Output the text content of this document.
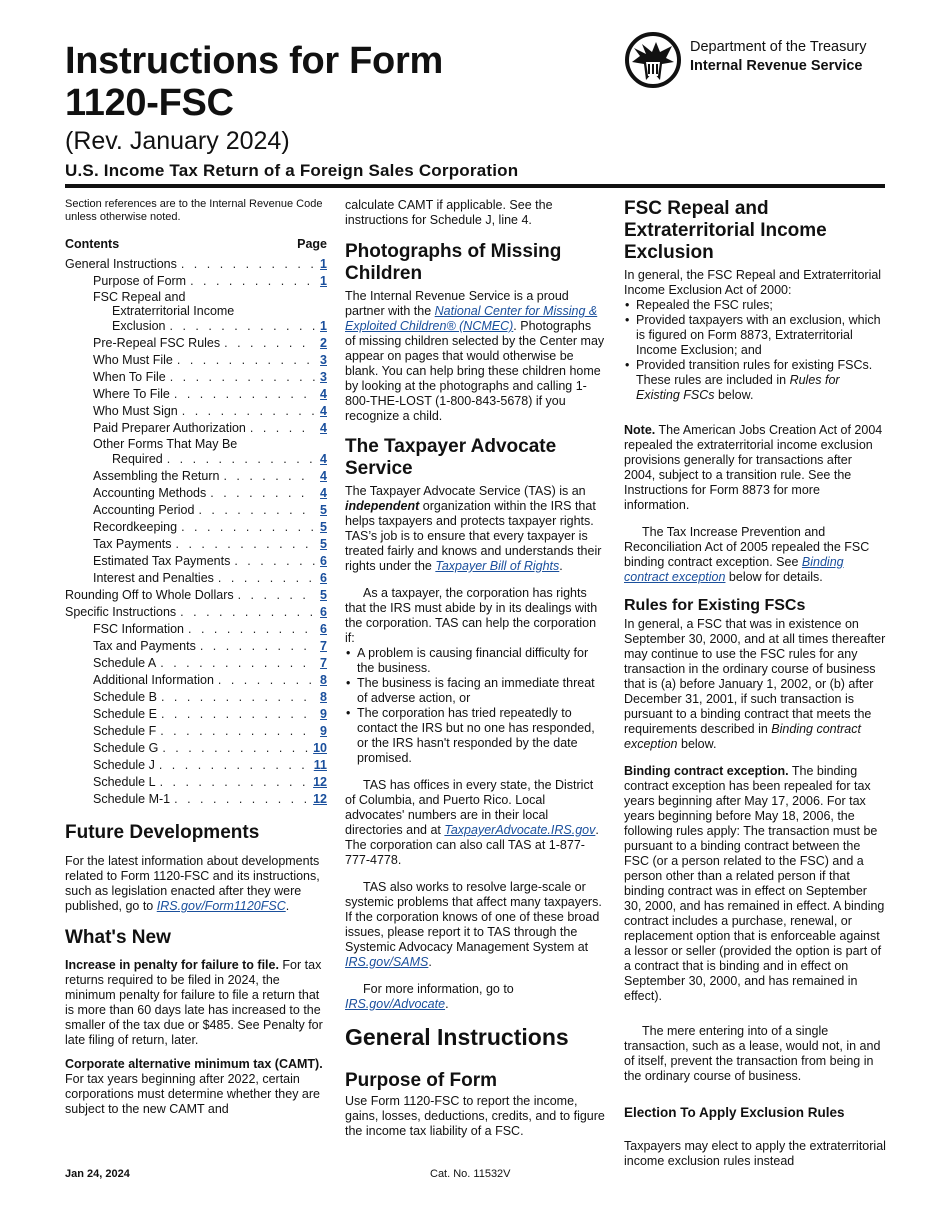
Instructions for Form
1120-FSC
(Rev. January 2024)
U.S. Income Tax Return of a Foreign Sales Corporation
Department of the Treasury
Internal Revenue Service

Section references are to the Internal Revenue Code unless otherwise noted.

Contents	Page
General Instructions . . .	1
Purpose of Form . . .	1
FSC Repeal and
Extraterritorial Income
Exclusion . . .	1
Pre-Repeal FSC Rules . . .	2
Who Must File . . .	3
When To File . . .	3
Where To File . . .	4
Who Must Sign . . .	4
Paid Preparer Authorization . . .	4
Other Forms That May Be
Required . . .	4
Assembling the Return . . .	4
Accounting Methods . . .	4
Accounting Period . . .	5
Recordkeeping . . .	5
Tax Payments . . .	5
Estimated Tax Payments . . .	6
Interest and Penalties . . .	6
Rounding Off to Whole Dollars . . .	5
Specific Instructions . . .	6
FSC Information . . .	6
Tax and Payments . . .	7
Schedule A . . .	7
Additional Information . . .	8
Schedule B . . .	8
Schedule E . . .	9
Schedule F . . .	9
Schedule G . . .	10
Schedule J . . .	11
Schedule L . . .	12
Schedule M-1 . . .	12
Future Developments

For the latest information about developments related to Form 1120-FSC and its instructions, such as legislation enacted after they were published, go to IRS.gov/Form1120FSC.

What's New

Increase in penalty for failure to file. For tax returns required to be filed in 2024, the minimum penalty for failure to file a return that is more than 60 days late has increased to the smaller of the tax due or $485. See Penalty for late filing of return, later.

Corporate alternative minimum tax (CAMT). For tax years beginning after 2022, certain corporations must determine whether they are subject to the new CAMT and

calculate CAMT if applicable. See the instructions for Schedule J, line 4.

Photographs of Missing Children

The Internal Revenue Service is a proud partner with the National Center for Missing & Exploited Children® (NCMEC). Photographs of missing children selected by the Center may appear on pages that would otherwise be blank. You can help bring these children home by looking at the photographs and calling 1-800-THE-LOST (1-800-843-5678) if you recognize a child.

The Taxpayer Advocate Service

The Taxpayer Advocate Service (TAS) is an independent organization within the IRS that helps taxpayers and protects taxpayer rights. TAS’s job is to ensure that every taxpayer is treated fairly and knows and understands their rights under the Taxpayer Bill of Rights.

As a taxpayer, the corporation has rights that the IRS must abide by in its dealings with the corporation. TAS can help the corporation if:

• A problem is causing financial difficulty for the business.
• The business is facing an immediate threat of adverse action, or
• The corporation has tried repeatedly to contact the IRS but no one has responded, or the IRS hasn't responded by the date promised.

TAS has offices in every state, the District of Columbia, and Puerto Rico. Local advocates' numbers are in their local directories and at TaxpayerAdvocate.IRS.gov. The corporation can also call TAS at 1-877-777-4778.

TAS also works to resolve large-scale or systemic problems that affect many taxpayers. If the corporation knows of one of these broad issues, please report it to TAS through the Systemic Advocacy Management System at IRS.gov/SAMS.

For more information, go to IRS.gov/Advocate.

General Instructions
Purpose of Form

Use Form 1120-FSC to report the income, gains, losses, deductions, credits, and to figure the income tax liability of a FSC.

FSC Repeal and Extraterritorial Income Exclusion

In general, the FSC Repeal and Extraterritorial Income Exclusion Act of 2000:

• Repealed the FSC rules;
• Provided taxpayers with an exclusion, which is figured on Form 8873, Extraterritorial Income Exclusion; and
• Provided transition rules for existing FSCs. These rules are included in Rules for Existing FSCs below.

Note. The American Jobs Creation Act of 2004 repealed the extraterritorial income exclusion provisions generally for transactions after 2004, subject to a transition rule. See the Instructions for Form 8873 for more information.

The Tax Increase Prevention and Reconciliation Act of 2005 repealed the FSC binding contract exception. See Binding contract exception below for details.

Rules for Existing FSCs

In general, a FSC that was in existence on September 30, 2000, and at all times thereafter may continue to use the FSC rules for any transaction in the ordinary course of business that is (a) before January 1, 2002, or (b) after December 31, 2001, if such transaction is pursuant to a binding contract that meets the requirements described in Binding contract exception below.

Binding contract exception. The binding contract exception has been repealed for tax years beginning after May 17, 2006. For tax years beginning before May 18, 2006, the following rules apply: The transaction must be pursuant to a binding contract between the FSC (or a person related to the FSC) and a person other than a related person if that binding contract was in effect on September 30, 2000, and has remained in effect. A binding contract includes a purchase, renewal, or replacement option that is enforceable against a lessor or seller (provided the option is part of a contract that is binding and in effect on September 30, 2000, and has remained in effect).

The mere entering into of a single transaction, such as a lease, would not, in and of itself, prevent the transaction from being in the ordinary course of business.

Election To Apply Exclusion Rules

Taxpayers may elect to apply the extraterritorial income exclusion rules instead

Jan 24, 2024	Cat. No. 11532V
